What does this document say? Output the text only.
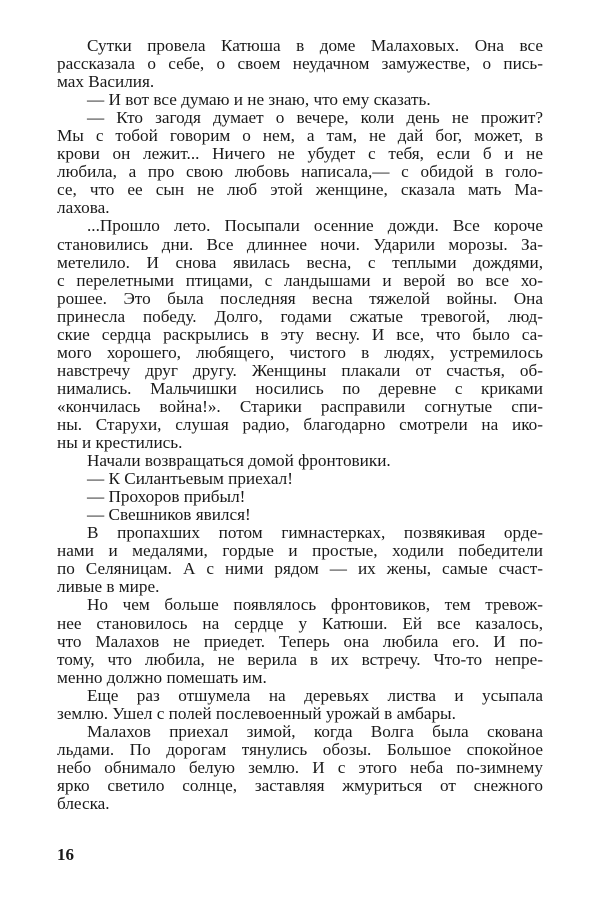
Сутки провела Катюша в доме Малаховых. Она все
рассказала о себе, о своем неудачном замужестве, о пись-
мах Василия.
— И вот все думаю и не знаю, что ему сказать.
— Кто загодя думает о вечере, коли день не прожит?
Мы с тобой говорим о нем, а там, не дай бог, может, в
крови он лежит... Ничего не убудет с тебя, если б и не
любила, а про свою любовь написала,— с обидой в голо-
се, что ее сын не люб этой женщине, сказала мать Ма-
лахова.
...Прошло лето. Посыпали осенние дожди. Все короче
становились дни. Все длиннее ночи. Ударили морозы. За-
метелило. И снова явилась весна, с теплыми дождями,
с перелетными птицами, с ландышами и верой во все хо-
рошее. Это была последняя весна тяжелой войны. Она
принесла победу. Долго, годами сжатые тревогой, люд-
ские сердца раскрылись в эту весну. И все, что было са-
мого хорошего, любящего, чистого в людях, устремилось
навстречу друг другу. Женщины плакали от счастья, об-
нимались. Мальчишки носились по деревне с криками
«кончилась война!». Старики расправили согнутые спи-
ны. Старухи, слушая радио, благодарно смотрели на ико-
ны и крестились.
Начали возвращаться домой фронтовики.
— К Силантьевым приехал!
— Прохоров прибыл!
— Свешников явился!
В пропахших потом гимнастерках, позвякивая орде-
нами и медалями, гордые и простые, ходили победители
по Селяницам. А с ними рядом — их жены, самые счаст-
ливые в мире.
Но чем больше появлялось фронтовиков, тем тревож-
нее становилось на сердце у Катюши. Ей все казалось,
что Малахов не приедет. Теперь она любила его. И по-
тому, что любила, не верила в их встречу. Что-то непре-
менно должно помешать им.
Еще раз отшумела на деревьях листва и усыпала
землю. Ушел с полей послевоенный урожай в амбары.
Малахов приехал зимой, когда Волга была скована
льдами. По дорогам тянулись обозы. Большое спокойное
небо обнимало белую землю. И с этого неба по-зимнему
ярко светило солнце, заставляя жмуриться от снежного
блеска.
16
